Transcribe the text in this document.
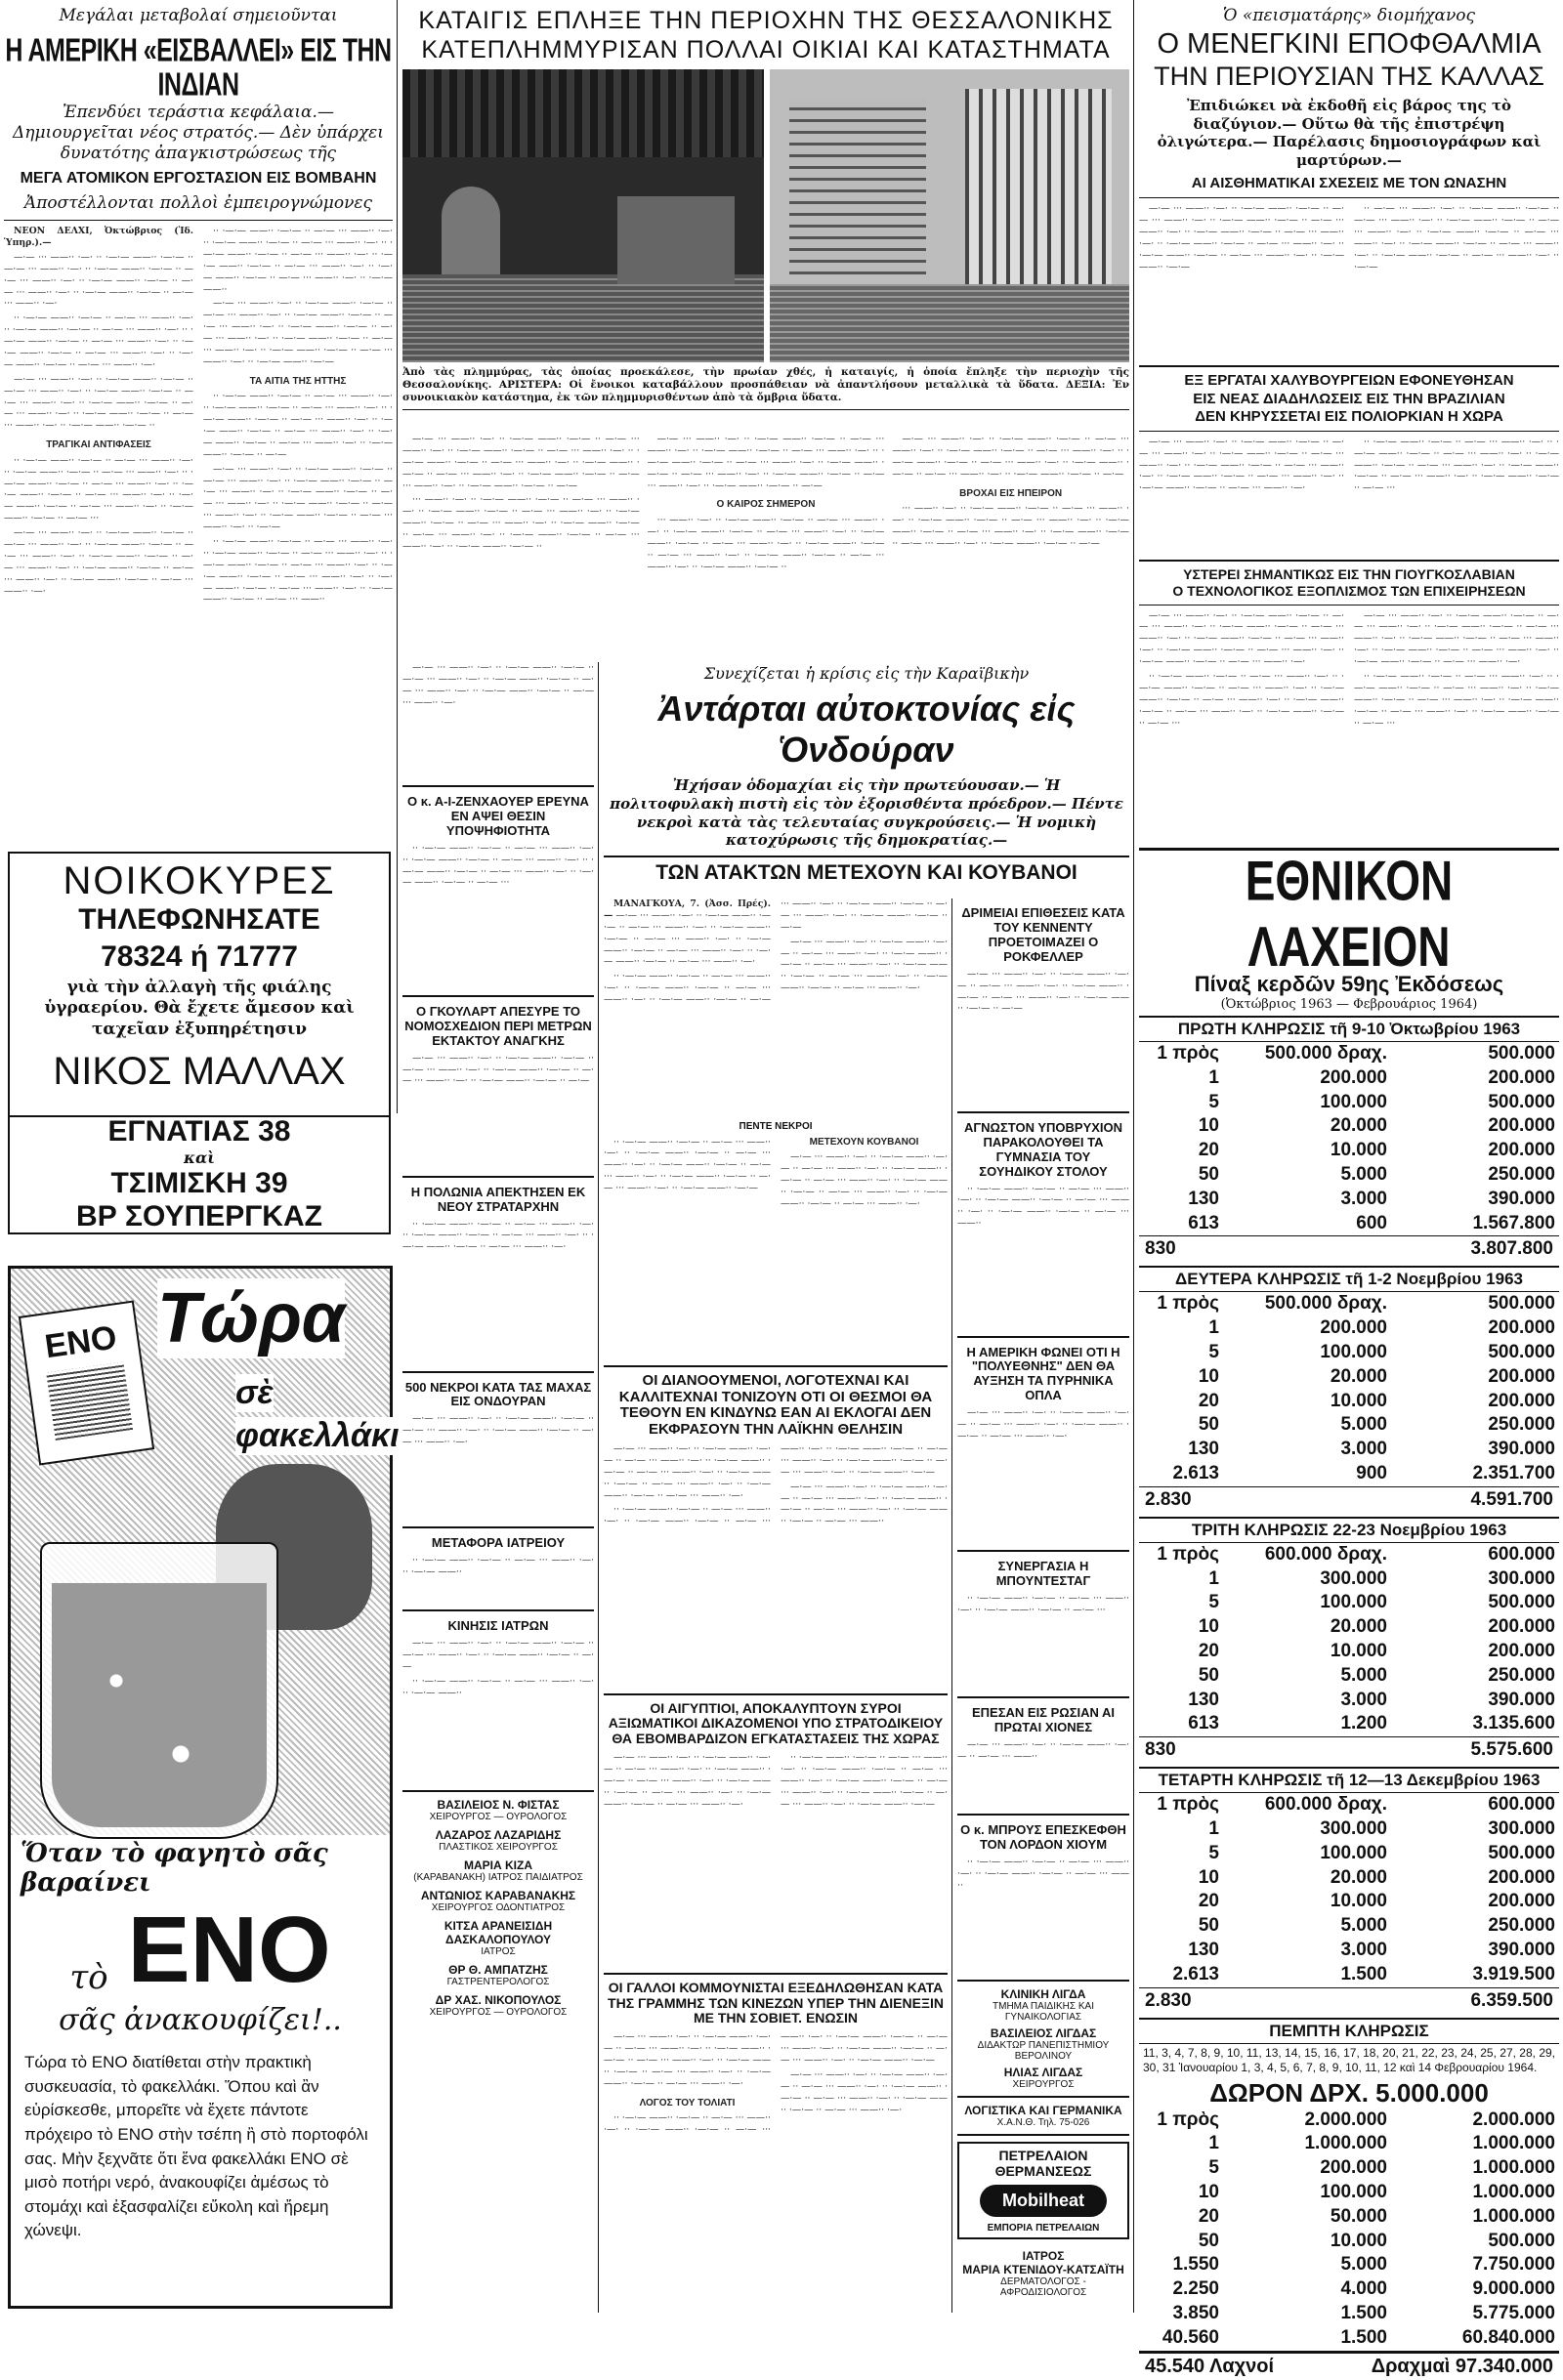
Μεγάλαι μεταβολαί σημειοῦνται
Η ΑΜΕΡΙΚΗ «ΕΙΣΒΑΛΛΕΙ» ΕΙΣ ΤΗΝ ΙΝΔΙΑΝ
Ἐπενδύει τεράστια κεφάλαια.— Δημιουργεῖται νέος στρατός.— Δὲν ὑπάρχει δυνατότης ἀπαγκιστρώσεως τῆς
ΜΕΓΑ ΑΤΟΜΙΚΟΝ ΕΡΓΟΣΤΑΣΙΟΝ ΕΙΣ ΒΟΜΒΑΗΝ
Ἀποστέλλονται πολλοὶ ἐμπειρογνώμονες

ΝΕΟΝ ΔΕΛΧΙ, Ὀκτώβριος (Ἰδ. Ὑπηρ.).—

—·— ··· ——·· ·—· ·· ·—·— ——·· ·—·— ·· —·— ··· ——·· ·—· ·· ·—·— ——·· ·—·— ·· —·— ··· ——·· ·—· ·· ·—·— ——·· ·—·— ·· —·— ··· ——·· ·—· ·· ·—·— ——·· ·—·— ·· —·— ··· ——·· ·—·

·· ·—·— ——·· ·—·— ·· —·— ··· ——·· ·—· ·· ·—·— ——·· ·—·— ·· —·— ··· ——·· ·—· ·· ·—·— ——·· ·—·— ·· —·— ··· ——·· ·—· ·· ·—·— ——·· ·—·— ·· —·— ··· ——·· ·—· ·· ·—·— ——·· ·—·— ·· —·— ··· ——·· ·—·

—·— ··· ——·· ·—· ·· ·—·— ——·· ·—·— ·· —·— ··· ——·· ·—· ·· ·—·— ——·· ·—·— ·· —·— ··· ——·· ·—· ·· ·—·— ——·· ·—·— ·· —·— ··· ——·· ·—· ·· ·—·— ——·· ·—·— ·· —·— ··· ——·· ·—· ·· ·—·— ——·· ·—·— ··

ΤΡΑΓΙΚΑΙ ΑΝΤΙΦΑΣΕΙΣ

·· ·—·— ——·· ·—·— ·· —·— ··· ——·· ·—· ·· ·—·— ——·· ·—·— ·· —·— ··· ——·· ·—· ·· ·—·— ——·· ·—·— ·· —·— ··· ——·· ·—· ·· ·—·— ——·· ·—·— ·· —·— ··· ——·· ·—· ·· ·—·— ——·· ·—·— ·· —·— ··· ——·· ·—· ·· ·—·— ——·· ·—·— ·· —·— ···

—·— ··· ——·· ·—· ·· ·—·— ——·· ·—·— ·· —·— ··· ——·· ·—· ·· ·—·— ——·· ·—·— ·· —·— ··· ——·· ·—· ·· ·—·— ——·· ·—·— ·· —·— ··· ——·· ·—· ·· ·—·— ——·· ·—·— ·· —·— ··· ——·· ·—· ·· ·—·— ——·· ·—·— ·· —·— ··· ——·· ·—·

·· ·—·— ——·· ·—·— ·· —·— ··· ——·· ·—· ·· ·—·— ——·· ·—·— ·· —·— ··· ——·· ·—· ·· ·—·— ——·· ·—·— ·· —·— ··· ——·· ·—· ·· ·—·— ——·· ·—·— ·· —·— ··· ——·· ·—· ·· ·—·— ——·· ·—·— ·· —·— ··· ——·· ·—· ·· ·—·— ——··

—·— ··· ——·· ·—· ·· ·—·— ——·· ·—·— ·· —·— ··· ——·· ·—· ·· ·—·— ——·· ·—·— ·· —·— ··· ——·· ·—· ·· ·—·— ——·· ·—·— ·· —·— ··· ——·· ·—· ·· ·—·— ——·· ·—·— ·· —·— ··· ——·· ·—· ·· ·—·— ——·· ·—·— ·· —·— ··· ——·· ·—· ·· ·—·— ——·· ·—·—

ΤΑ ΑΙΤΙΑ ΤΗΣ ΗΤΤΗΣ

·· ·—·— ——·· ·—·— ·· —·— ··· ——·· ·—· ·· ·—·— ——·· ·—·— ·· —·— ··· ——·· ·—· ·· ·—·— ——·· ·—·— ·· —·— ··· ——·· ·—· ·· ·—·— ——·· ·—·— ·· —·— ··· ——·· ·—· ·· ·—·— ——·· ·—·— ·· —·— ··· ——·· ·—· ·· ·—·— ——·· ·—·— ·· —·—

—·— ··· ——·· ·—· ·· ·—·— ——·· ·—·— ·· —·— ··· ——·· ·—· ·· ·—·— ——·· ·—·— ·· —·— ··· ——·· ·—· ·· ·—·— ——·· ·—·— ·· —·— ··· ——·· ·—· ·· ·—·— ——·· ·—·— ·· —·— ··· ——·· ·—· ·· ·—·— ——·· ·—·— ·· —·— ··· ——·· ·—· ·· ·—·—

·· ·—·— ——·· ·—·— ·· —·— ··· ——·· ·—· ·· ·—·— ——·· ·—·— ·· —·— ··· ——·· ·—· ·· ·—·— ——·· ·—·— ·· —·— ··· ——·· ·—· ·· ·—·— ——·· ·—·— ·· —·— ··· ——·· ·—· ·· ·—·— ——·· ·—·— ·· —·— ··· ——·· ·—· ·· ·—·— ——·· ·—·— ·· —·— ··· ——··

ΝΟΙΚΟΚΥΡΕΣ
ΤΗΛΕΦΩΝΗΣΑΤΕ
78324 ή 71777
γιὰ τὴν ἀλλαγὴ τῆς φιάλης ὑγραερίου. Θὰ ἔχετε ἄμεσον καὶ ταχεῖαν ἐξυπηρέτησιν
ΝΙΚΟΣ ΜΑΛΛΑΧ
ΕΓΝΑΤΙΑΣ 38
καὶ
ΤΣΙΜΙΣΚΗ 39
ΒΡ ΣΟΥΠΕΡΓΚΑΖ
ENO Τώρα
σὲ
φακελλάκι
Ὅταν τὸ φαγητὸ σᾶς βαραίνει
τὸ ENO
σᾶς ἀνακουφίζει!..
Τώρα τὸ ENO διατίθεται στὴν πρακτικὴ συσκευασία, τὸ φακελλάκι. Ὅπου καὶ ἂν εὑρίσκεσθε, μπορεῖτε νὰ ἔχετε πάντοτε πρόχειρο τὸ ENO στὴν τσέπη ἢ στὸ πορτοφόλι σας. Μὴν ξεχνᾶτε ὅτι ἕνα φακελλάκι ENO σὲ μισὸ ποτήρι νερό, ἀνακουφίζει ἀμέσως τὸ στομάχι καὶ ἐξασφαλίζει εὔκολη καὶ ἤρεμη χώνεψι.
ΚΑΤΑΙΓΙΣ ΕΠΛΗΞΕ ΤΗΝ ΠΕΡΙΟΧΗΝ ΤΗΣ ΘΕΣΣΑΛΟΝΙΚΗΣ
ΚΑΤΕΠΛΗΜΜΥΡΙΣΑΝ ΠΟΛΛΑΙ ΟΙΚΙΑΙ ΚΑΙ ΚΑΤΑΣΤΗΜΑΤΑ
Ἀπὸ τὰς πλημμύρας, τὰς ὁποίας προεκάλεσε, τὴν πρωίαν χθές, ἡ καταιγίς, ἡ ὁποία ἔπληξε τὴν περιοχὴν τῆς Θεσσαλονίκης. ΑΡΙΣΤΕΡΑ: Οἱ ἔνοικοι καταβάλλουν προσπάθειαν νὰ ἀπαντλήσουν μεταλλικὰ τὰ ὕδατα. ΔΕΞΙΑ: Ἐν συνοικιακὸν κατάστημα, ἐκ τῶν πλημμυρισθέντων ἀπὸ τὰ ὄμβρια ὕδατα.

—·— ··· ——·· ·—· ·· ·—·— ——·· ·—·— ·· —·— ··· ——·· ·—· ·· ·—·— ——·· ·—·— ·· —·— ··· ——·· ·—· ·· ·—·— ——·· ·—·— ·· —·— ··· ——·· ·—· ·· ·—·— ——·· ·—·— ·· —·— ··· ——·· ·—· ·· ·—·— ——·· ·—·— ·· —·— ··· ——·· ·—· ·· ·—·— ——·· ·—·— ·· —·—

··· ——·· ·—· ·· ·—·— ——·· ·—·— ·· —·— ··· ——·· ·—· ·· ·—·— ——·· ·—·— ·· —·— ··· ——·· ·—· ·· ·—·— ——·· ·—·— ·· —·— ··· ——·· ·—· ·· ·—·— ——·· ·—·— ·· —·— ··· ——·· ·—· ·· ·—·— ——·· ·—·— ·· —·— ··· ——·· ·—· ·· ·—·— ——·· ·—·— ··

—·— ··· ——·· ·—· ·· ·—·— ——·· ·—·— ·· —·— ··· ——·· ·—· ·· ·—·— ——·· ·—·— ·· —·— ··· ——·· ·—· ·· ·—·— ——·· ·—·— ·· —·— ··· ——·· ·—· ·· ·—·— ——·· ·—·— ·· —·— ··· ——·· ·—· ·· ·—·— ——·· ·—·— ·· —·— ··· ——·· ·—· ·· ·—·— ——·· ·—·— ·· —·—

Ο ΚΑΙΡΟΣ ΣΗΜΕΡΟΝ

··· ——·· ·—· ·· ·—·— ——·· ·—·— ·· —·— ··· ——·· ·—· ·· ·—·— ——·· ·—·— ·· —·— ··· ——·· ·—· ·· ·—·— ——·· ·—·— ·· —·— ··· ——·· ·—· ·· ·—·— ——·· ·—·— ·· —·— ··· ——·· ·—· ·· ·—·— ——·· ·—·— ·· —·— ··· ——·· ·—· ·· ·—·— ——·· ·—·— ··

—·— ··· ——·· ·—· ·· ·—·— ——·· ·—·— ·· —·— ··· ——·· ·—· ·· ·—·— ——·· ·—·— ·· —·— ··· ——·· ·—· ·· ·—·— ——·· ·—·— ·· —·— ··· ——·· ·—· ·· ·—·— ——·· ·—·— ·· —·— ··· ——·· ·—· ·· ·—·— ——·· ·—·— ·· —·—

ΒΡΟΧΑΙ ΕΙΣ ΗΠΕΙΡΟΝ

··· ——·· ·—· ·· ·—·— ——·· ·—·— ·· —·— ··· ——·· ·—· ·· ·—·— ——·· ·—·— ·· —·— ··· ——·· ·—· ·· ·—·— ——·· ·—·— ·· —·— ··· ——·· ·—· ·· ·—·— ——·· ·—·— ·· —·— ··· ——·· ·—· ·· ·—·— ——·· ·—·— ·· —·—

Ὁ «πεισματάρης» διομήχανος
Ο ΜΕΝΕΓΚΙΝΙ ΕΠΟΦΘΑΛΜΙΑ
ΤΗΝ ΠΕΡΙΟΥΣΙΑΝ ΤΗΣ ΚΑΛΛΑΣ
Ἐπιδιώκει νὰ ἐκδοθῆ εἰς βάρος της τὸ διαζύγιον.— Οὕτω θὰ τῆς ἐπιστρέψη ὀλιγώτερα.— Παρέλασις δημοσιογράφων καὶ μαρτύρων.—
ΑΙ ΑΙΣΘΗΜΑΤΙΚΑΙ ΣΧΕΣΕΙΣ ΜΕ ΤΟΝ ΩΝΑΣΗΝ

—·— ··· ——·· ·—· ·· ·—·— ——·· ·—·— ·· —·— ··· ——·· ·—· ·· ·—·— ——·· ·—·— ·· —·— ··· ——·· ·—· ·· ·—·— ——·· ·—·— ·· —·— ··· ——·· ·—· ·· ·—·— ——·· ·—·— ·· —·— ··· ——·· ·—· ·· ·—·— ——·· ·—·— ·· —·— ··· ——·· ·—· ·· ·—·— ——·· ·—·—

·· —·— ··· ——·· ·—· ·· ·—·— ——·· ·—·— ·· —·— ··· ——·· ·—· ·· ·—·— ——·· ·—·— ·· —·— ··· ——·· ·—· ·· ·—·— ——·· ·—·— ·· —·— ··· ——·· ·—· ·· ·—·— ——·· ·—·— ·· —·— ··· ——·· ·—· ·· ·—·— ——·· ·—·— ·· —·— ··· ——·· ·—· ·· ·—·—

ΕΞ ΕΡΓΑΤΑΙ ΧΑΛΥΒΟΥΡΓΕΙΩΝ ΕΦΟΝΕΥΘΗΣΑΝ
ΕΙΣ ΝΕΑΣ ΔΙΑΔΗΛΩΣΕΙΣ ΕΙΣ ΤΗΝ ΒΡΑΖΙΛΙΑΝ
ΔΕΝ ΚΗΡΥΣΣΕΤΑΙ ΕΙΣ ΠΟΛΙΟΡΚΙΑΝ Η ΧΩΡΑ

—·— ··· ——·· ·—· ·· ·—·— ——·· ·—·— ·· —·— ··· ——·· ·—· ·· ·—·— ——·· ·—·— ·· —·— ··· ——·· ·—· ·· ·—·— ——·· ·—·— ·· —·— ··· ——·· ·—· ·· ·—·— ——·· ·—·— ·· —·— ··· ——·· ·—· ·· ·—·— ——·· ·—·— ·· —·— ··· ——·· ·—·

·· ·—·— ——·· ·—·— ·· —·— ··· ——·· ·—· ·· ·—·— ——·· ·—·— ·· —·— ··· ——·· ·—· ·· ·—·— ——·· ·—·— ·· —·— ··· ——·· ·—· ·· ·—·— ——·· ·—·— ·· —·— ··· ——·· ·—· ·· ·—·— ——·· ·—·— ·· —·— ···

ΥΣΤΕΡΕΙ ΣΗΜΑΝΤΙΚΩΣ ΕΙΣ ΤΗΝ ΓΙΟΥΓΚΟΣΛΑΒΙΑΝ
Ο ΤΕΧΝΟΛΟΓΙΚΟΣ ΕΞΟΠΛΙΣΜΟΣ ΤΩΝ ΕΠΙΧΕΙΡΗΣΕΩΝ

—·— ··· ——·· ·—· ·· ·—·— ——·· ·—·— ·· —·— ··· ——·· ·—· ·· ·—·— ——·· ·—·— ·· —·— ··· ——·· ·—· ·· ·—·— ——·· ·—·— ·· —·— ··· ——·· ·—· ·· ·—·— ——·· ·—·— ·· —·— ··· ——·· ·—· ·· ·—·— ——·· ·—·— ·· —·— ··· ——·· ·—·

·· ·—·— ——·· ·—·— ·· —·— ··· ——·· ·—· ·· ·—·— ——·· ·—·— ·· —·— ··· ——·· ·—· ·· ·—·— ——·· ·—·— ·· —·— ··· ——·· ·—· ·· ·—·— ——·· ·—·— ·· —·— ··· ——·· ·—· ·· ·—·— ——·· ·—·— ·· —·— ···

—·— ··· ——·· ·—· ·· ·—·— ——·· ·—·— ·· —·— ··· ——·· ·—· ·· ·—·— ——·· ·—·— ·· —·— ··· ——·· ·—· ·· ·—·— ——·· ·—·— ·· —·— ··· ——·· ·—· ·· ·—·— ——·· ·—·— ·· —·— ··· ——·· ·—· ·· ·—·— ——·· ·—·— ·· —·— ··· ——·· ·—·

·· ·—·— ——·· ·—·— ·· —·— ··· ——·· ·—· ·· ·—·— ——·· ·—·— ·· —·— ··· ——·· ·—· ·· ·—·— ——·· ·—·— ·· —·— ··· ——·· ·—· ·· ·—·— ——·· ·—·— ·· —·— ··· ——·· ·—· ·· ·—·— ——·· ·—·— ·· —·— ···

—·— ··· ——·· ·—· ·· ·—·— ——·· ·—·— ·· —·— ··· ——·· ·—· ·· ·—·— ——·· ·—·— ·· —·— ··· ——·· ·—· ·· ·—·— ——·· ·—·— ·· —·— ··· ——·· ·—·

Ο κ. Α-Ι-ΖΕΝΧΑΟΥΕΡ ΕΡΕΥΝΑ ΕΝ ΑΨΕΙ ΘΕΣΙΝ ΥΠΟΨΗΦΙΟΤΗΤΑ

·· ·—·— ——·· ·—·— ·· —·— ··· ——·· ·—· ·· ·—·— ——·· ·—·— ·· —·— ··· ——·· ·—· ·· ·—·— ——·· ·—·— ·· —·— ··· ——·· ·—· ·· ·—·— ——·· ·—·— ·· —·— ···

Ο ΓΚΟΥΛΑΡΤ ΑΠΕΣΥΡΕ ΤΟ ΝΟΜΟΣΧΕΔΙΟΝ ΠΕΡΙ ΜΕΤΡΩΝ ΕΚΤΑΚΤΟΥ ΑΝΑΓΚΗΣ

—·— ··· ——·· ·—· ·· ·—·— ——·· ·—·— ·· —·— ··· ——·· ·—· ·· ·—·— ——·· ·—·— ·· —·— ··· ——·· ·—· ·· ·—·— ——·· ·—·— ·· —·—

Η ΠΟΛΩΝΙΑ ΑΠΕΚΤΗΣΕΝ ΕΚ ΝΕΟΥ ΣΤΡΑΤΑΡΧΗΝ

·· ·—·— ——·· ·—·— ·· —·— ··· ——·· ·—· ·· ·—·— ——·· ·—·— ·· —·— ··· ——·· ·—· ·· ·—·— ——·· ·—·— ·· —·— ··· ——·· ·—·

500 ΝΕΚΡΟΙ ΚΑΤΑ ΤΑΣ ΜΑΧΑΣ ΕΙΣ ΟΝΔΟΥΡΑΝ

—·— ··· ——·· ·—· ·· ·—·— ——·· ·—·— ·· —·— ··· ——·· ·—· ·· ·—·— ——·· ·—·— ·· —·— ··· ——·· ·—·

ΜΕΤΑΦΟΡΑ ΙΑΤΡΕΙΟΥ

·· ·—·— ——·· ·—·— ·· —·— ··· ——·· ·—· ·· ·—·— ——··

ΚΙΝΗΣΙΣ ΙΑΤΡΩΝ

—·— ··· ——·· ·—· ·· ·—·— ——·· ·—·— ·· —·— ··· ——·· ·—· ·· ·—·— ——·· ·—·— ·· —·—

·· ·—·— ——·· ·—·— ·· —·— ··· ——·· ·—· ·· ·—·— ——··

ΒΑΣΙΛΕΙΟΣ Ν. ΦΙΣΤΑΣ
ΧΕΙΡΟΥΡΓΟΣ — ΟΥΡΟΛΟΓΟΣ
ΛΑΖΑΡΟΣ ΛΑΖΑΡΙΔΗΣ
ΠΛΑΣΤΙΚΟΣ ΧΕΙΡΟΥΡΓΟΣ
ΜΑΡΙΑ ΚΙΖΑ
(ΚΑΡΑΒΑΝΑΚΗ) ΙΑΤΡΟΣ ΠΑΙΔΙΑΤΡΟΣ
ΑΝΤΩΝΙΟΣ ΚΑΡΑΒΑΝΑΚΗΣ
ΧΕΙΡΟΥΡΓΟΣ ΟΔΟΝΤΙΑΤΡΟΣ
ΚΙΤΣΑ ΑΡΑΝΕΙΣΙΔΗ ΔΑΣΚΑΛΟΠΟΥΛΟΥ
ΙΑΤΡΟΣ
ΘΡ Θ. ΑΜΠΑΤΖΗΣ
ΓΑΣΤΡΕΝΤΕΡΟΛΟΓΟΣ
ΔΡ ΧΑΣ. ΝΙΚΟΠΟΥΛΟΣ
ΧΕΙΡΟΥΡΓΟΣ — ΟΥΡΟΛΟΓΟΣ
Συνεχίζεται ἡ κρίσις εἰς τὴν Καραϊβικὴν
Ἀντάρται αὐτοκτονίας εἰς Ὁνδούραν
Ἠχήσαν ὁδομαχίαι εἰς τὴν πρωτεύουσαν.— Ἡ πολιτοφυλακὴ πιστὴ εἰς τὸν ἐξορισθέντα πρόεδρον.— Πέντε νεκροὶ κατὰ τὰς τελευταίας συγκρούσεις.— Ἡ νομικὴ κατοχύρωσις τῆς δημοκρατίας.—
ΤΩΝ ΑΤΑΚΤΩΝ ΜΕΤΕΧΟΥΝ ΚΑΙ ΚΟΥΒΑΝΟΙ

ΜΑΝΑΓΚΟΥΑ, 7. (Ἀσσ. Πρές).— —·— ··· ——·· ·—· ·· ·—·— ——·· ·—·— ·· —·— ··· ——·· ·—· ·· ·—·— ——·· ·—·— ·· —·— ··· ——·· ·—· ·· ·—·— ——·· ·—·— ·· —·— ··· ——·· ·—· ·· ·—·— ——·· ·—·— ·· —·— ··· ——·· ·—·

·· ·—·— ——·· ·—·— ·· —·— ··· ——·· ·—· ·· ·—·— ——·· ·—·— ·· —·— ··· ——·· ·—· ·· ·—·— ——·· ·—·— ·· —·— ··· ——·· ·—· ·· ·—·— ——·· ·—·— ·· —·— ··· ——·· ·—· ·· ·—·— ——·· ·—·— ·· —·—

—·— ··· ——·· ·—· ·· ·—·— ——·· ·—·— ·· —·— ··· ——·· ·—· ·· ·—·— ——·· ·—·— ·· —·— ··· ——·· ·—· ·· ·—·— ——·· ·—·— ·· —·— ··· ——·· ·—· ·· ·—·— ——·· ·—·— ·· —·— ··· ——·· ·—·

ΠΕΝΤΕ ΝΕΚΡΟΙ

·· ·—·— ——·· ·—·— ·· —·— ··· ——·· ·—· ·· ·—·— ——·· ·—·— ·· —·— ··· ——·· ·—· ·· ·—·— ——·· ·—·— ·· —·— ··· ——·· ·—· ·· ·—·— ——·· ·—·— ·· —·— ··· ——·· ·—· ·· ·—·— ——·· ·—·—

ΜΕΤΕΧΟΥΝ ΚΟΥΒΑΝΟΙ

—·— ··· ——·· ·—· ·· ·—·— ——·· ·—·— ·· —·— ··· ——·· ·—· ·· ·—·— ——·· ·—·— ·· —·— ··· ——·· ·—· ·· ·—·— ——·· ·—·— ·· —·— ··· ——·· ·—· ·· ·—·— ——·· ·—·— ·· —·— ··· ——·· ·—·

ΟΙ ΔΙΑΝΟΟΥΜΕΝΟΙ, ΛΟΓΟΤΕΧΝΑΙ ΚΑΙ ΚΑΛΛΙΤΕΧΝΑΙ ΤΟΝΙΖΟΥΝ ΟΤΙ ΟΙ ΘΕΣΜΟΙ ΘΑ ΤΕΘΟΥΝ ΕΝ ΚΙΝΔΥΝΩ ΕΑΝ ΑΙ ΕΚΛΟΓΑΙ ΔΕΝ ΕΚΦΡΑΣΟΥΝ ΤΗΝ ΛΑΪΚΗΝ ΘΕΛΗΣΙΝ

—·— ··· ——·· ·—· ·· ·—·— ——·· ·—·— ·· —·— ··· ——·· ·—· ·· ·—·— ——·· ·—·— ·· —·— ··· ——·· ·—· ·· ·—·— ——·· ·—·— ·· —·— ··· ——·· ·—· ·· ·—·— ——·· ·—·— ·· —·— ··· ——·· ·—·

·· ·—·— ——·· ·—·— ·· —·— ··· ——·· ·—· ·· ·—·— ——·· ·—·— ·· —·— ··· ——·· ·—· ·· ·—·— ——·· ·—·— ·· —·— ··· ——·· ·—· ·· ·—·— ——·· ·—·— ·· —·— ··· ——·· ·—· ·· ·—·— ——·· ·—·—

—·— ··· ——·· ·—· ·· ·—·— ——·· ·—·— ·· —·— ··· ——·· ·—· ·· ·—·— ——·· ·—·— ·· —·— ··· ——·· ·—· ·· ·—·— ——·· ·—·— ·· —·— ··· ——··

ΟΙ ΑΙΓΥΠΤΙΟΙ, ΑΠΟΚΑΛΥΠΤΟΥΝ ΣΥΡΟΙ ΑΞΙΩΜΑΤΙΚΟΙ ΔΙΚΑΖΟΜΕΝΟΙ ΥΠΟ ΣΤΡΑΤΟΔΙΚΕΙΟΥ ΘΑ ΕΒΟΜΒΑΡΔΙΖΟΝ ΕΓΚΑΤΑΣΤΑΣΕΙΣ ΤΗΣ ΧΩΡΑΣ

—·— ··· ——·· ·—· ·· ·—·— ——·· ·—·— ·· —·— ··· ——·· ·—· ·· ·—·— ——·· ·—·— ·· —·— ··· ——·· ·—· ·· ·—·— ——·· ·—·— ·· —·— ··· ——·· ·—· ·· ·—·— ——·· ·—·— ·· —·— ··· ——·· ·—·

·· ·—·— ——·· ·—·— ·· —·— ··· ——·· ·—· ·· ·—·— ——·· ·—·— ·· —·— ··· ——·· ·—· ·· ·—·— ——·· ·—·— ·· —·— ··· ——·· ·—· ·· ·—·— ——·· ·—·— ·· —·— ··· ——·· ·—· ·· ·—·— ——·· ·—·—

ΟΙ ΓΑΛΛΟΙ ΚΟΜΜΟΥΝΙΣΤΑΙ ΕΞΕΔΗΛΩΘΗΣΑΝ ΚΑΤΑ ΤΗΣ ΓΡΑΜΜΗΣ ΤΩΝ ΚΙΝΕΖΩΝ ΥΠΕΡ ΤΗΝ ΔΙΕΝΕΞΙΝ ΜΕ ΤΗΝ ΣΟΒΙΕΤ. ΕΝΩΣΙΝ

—·— ··· ——·· ·—· ·· ·—·— ——·· ·—·— ·· —·— ··· ——·· ·—· ·· ·—·— ——·· ·—·— ·· —·— ··· ——·· ·—· ·· ·—·— ——·· ·—·— ·· —·— ··· ——·· ·—· ·· ·—·— ——·· ·—·— ·· —·— ··· ——·· ·—·

ΛΟΓΟΣ ΤΟΥ ΤΟΛΙΑΤΙ

·· ·—·— ——·· ·—·— ·· —·— ··· ——·· ·—· ·· ·—·— ——·· ·—·— ·· —·— ··· ——·· ·—· ·· ·—·— ——·· ·—·— ·· —·— ··· ——·· ·—· ·· ·—·— ——·· ·—·— ·· —·— ··· ——·· ·—· ·· ·—·— ——·· ·—·—

—·— ··· ——·· ·—· ·· ·—·— ——·· ·—·— ·· —·— ··· ——·· ·—· ·· ·—·— ——·· ·—·— ·· —·— ··· ——·· ·—· ·· ·—·— ——·· ·—·— ·· —·— ··· ——·· ·—·

ΔΡΙΜΕΙΑΙ ΕΠΙΘΕΣΕΙΣ ΚΑΤΑ ΤΟΥ ΚΕΝΝΕΝΤΥ ΠΡΟΕΤΟΙΜΑΖΕΙ Ο ΡΟΚΦΕΛΛΕΡ

—·— ··· ——·· ·—· ·· ·—·— ——·· ·—·— ·· —·— ··· ——·· ·—· ·· ·—·— ——·· ·—·— ·· —·— ··· ——·· ·—· ·· ·—·— ——·· ·—·— ·· —·—

ΑΓΝΩΣΤΟΝ ΥΠΟΒΡΥΧΙΟΝ ΠΑΡΑΚΟΛΟΥΘΕΙ ΤΑ ΓΥΜΝΑΣΙΑ ΤΟΥ ΣΟΥΗΔΙΚΟΥ ΣΤΟΛΟΥ

·· ·—·— ——·· ·—·— ·· —·— ··· ——·· ·—· ·· ·—·— ——·· ·—·— ·· —·— ··· ——·· ·—· ·· ·—·— ——·· ·—·— ·· —·— ··· ——··

Η ΑΜΕΡΙΚΗ ΦΩΝΕΙ ΟΤΙ Η "ΠΟΛΥΕΘΝΗΣ" ΔΕΝ ΘΑ ΑΥΞΗΣΗ ΤΑ ΠΥΡΗΝΙΚΑ ΟΠΛΑ

—·— ··· ——·· ·—· ·· ·—·— ——·· ·—·— ·· —·— ··· ——·· ·—· ·· ·—·— ——·· ·—·— ·· —·— ··· ——·· ·—·

ΣΥΝΕΡΓΑΣΙΑ Η ΜΠΟΥΝΤΕΣΤΑΓ

·· ·—·— ——·· ·—·— ·· —·— ··· ——·· ·—· ·· ·—·— ——·· ·—·— ·· —·— ···

ΕΠΕΣΑΝ ΕΙΣ ΡΩΣΙΑΝ ΑΙ ΠΡΩΤΑΙ ΧΙΟΝΕΣ

—·— ··· ——·· ·—· ·· ·—·— ——·· ·—·— ·· —·— ··· ——··

Ο κ. ΜΠΡΟΥΣ ΕΠΕΣΚΕΦΘΗ ΤΟΝ ΛΟΡΔΟΝ ΧΙΟΥΜ

·· ·—·— ——·· ·—·— ·· —·— ··· ——·· ·—· ·· ·—·— ——·· ·—·— ·· —·— ··· ——··

ΚΛΙΝΙΚΗ ΛΙΓΔΑ
ΤΜΗΜΑ ΠΑΙΔΙΚΗΣ ΚΑΙ ΓΥΝΑΙΚΟΛΟΓΙΑΣ
ΒΑΣΙΛΕΙΟΣ ΛΙΓΔΑΣ
ΔΙΔΑΚΤΩΡ ΠΑΝΕΠΙΣΤΗΜΙΟΥ ΒΕΡΟΛΙΝΟΥ
ΗΛΙΑΣ ΛΙΓΔΑΣ
ΧΕΙΡΟΥΡΓΟΣ
ΛΟΓΙΣΤΙΚΑ ΚΑΙ ΓΕΡΜΑΝΙΚΑ
Χ.Α.Ν.Θ. Τηλ. 75-026
ΠΕΤΡΕΛΑΙΟΝ
ΘΕΡΜΑΝΣΕΩΣ
Mobilheat
ΕΜΠΟΡΙΑ ΠΕΤΡΕΛΑΙΩΝ
ΙΑΤΡΟΣ
ΜΑΡΙΑ ΚΤΕΝΙΔΟΥ-ΚΑΤΣΑΪΤΗ
ΔΕΡΜΑΤΟΛΟΓΟΣ - ΑΦΡΟΔΙΣΙΟΛΟΓΟΣ
ΕΘΝΙΚΟΝ ΛΑΧΕΙΟΝ
Πίναξ κερδῶν 59ης Ἐκδόσεως
(Ὀκτώβριος 1963 — Φεβρουάριος 1964)
ΠΡΩΤΗ ΚΛΗΡΩΣΙΣ τῆ 9-10 Ὀκτωβρίου 1963
1 πρὸς	500.000 δραχ.	500.000
1	200.000	200.000
5	100.000	500.000
10	20.000	200.000
20	10.000	200.000
50	5.000	250.000
130	3.000	390.000
613	600	1.567.800
830	3.807.800
ΔΕΥΤΕΡΑ ΚΛΗΡΩΣΙΣ τῆ 1-2 Νοεμβρίου 1963
1 πρὸς	500.000 δραχ.	500.000
1	200.000	200.000
5	100.000	500.000
10	20.000	200.000
20	10.000	200.000
50	5.000	250.000
130	3.000	390.000
2.613	900	2.351.700
2.830	4.591.700
ΤΡΙΤΗ ΚΛΗΡΩΣΙΣ 22-23 Νοεμβρίου 1963
1 πρὸς	600.000 δραχ.	600.000
1	300.000	300.000
5	100.000	500.000
10	20.000	200.000
20	10.000	200.000
50	5.000	250.000
130	3.000	390.000
613	1.200	3.135.600
830	5.575.600
ΤΕΤΑΡΤΗ ΚΛΗΡΩΣΙΣ τῆ 12—13 Δεκεμβρίου 1963
1 πρὸς	600.000 δραχ.	600.000
1	300.000	300.000
5	100.000	500.000
10	20.000	200.000
20	10.000	200.000
50	5.000	250.000
130	3.000	390.000
2.613	1.500	3.919.500
2.830	6.359.500
ΠΕΜΠΤΗ ΚΛΗΡΩΣΙΣ
11, 3, 4, 7, 8, 9, 10, 11, 13, 14, 15, 16, 17, 18, 20, 21, 22, 23, 24, 25, 27, 28, 29, 30, 31 Ἰανουαρίου 1, 3, 4, 5, 6, 7, 8, 9, 10, 11, 12 καὶ 14 Φεβρουαρίου 1964.
ΔΩΡΟΝ ΔΡΧ. 5.000.000
1 πρὸς	2.000.000	2.000.000
1	1.000.000	1.000.000
5	200.000	1.000.000
10	100.000	1.000.000
20	50.000	1.000.000
50	10.000	500.000
1.550	5.000	7.750.000
2.250	4.000	9.000.000
3.850	1.500	5.775.000
40.560	1.500	60.840.000
45.540 Λαχνοί	Δραχμαὶ 97.340.000
